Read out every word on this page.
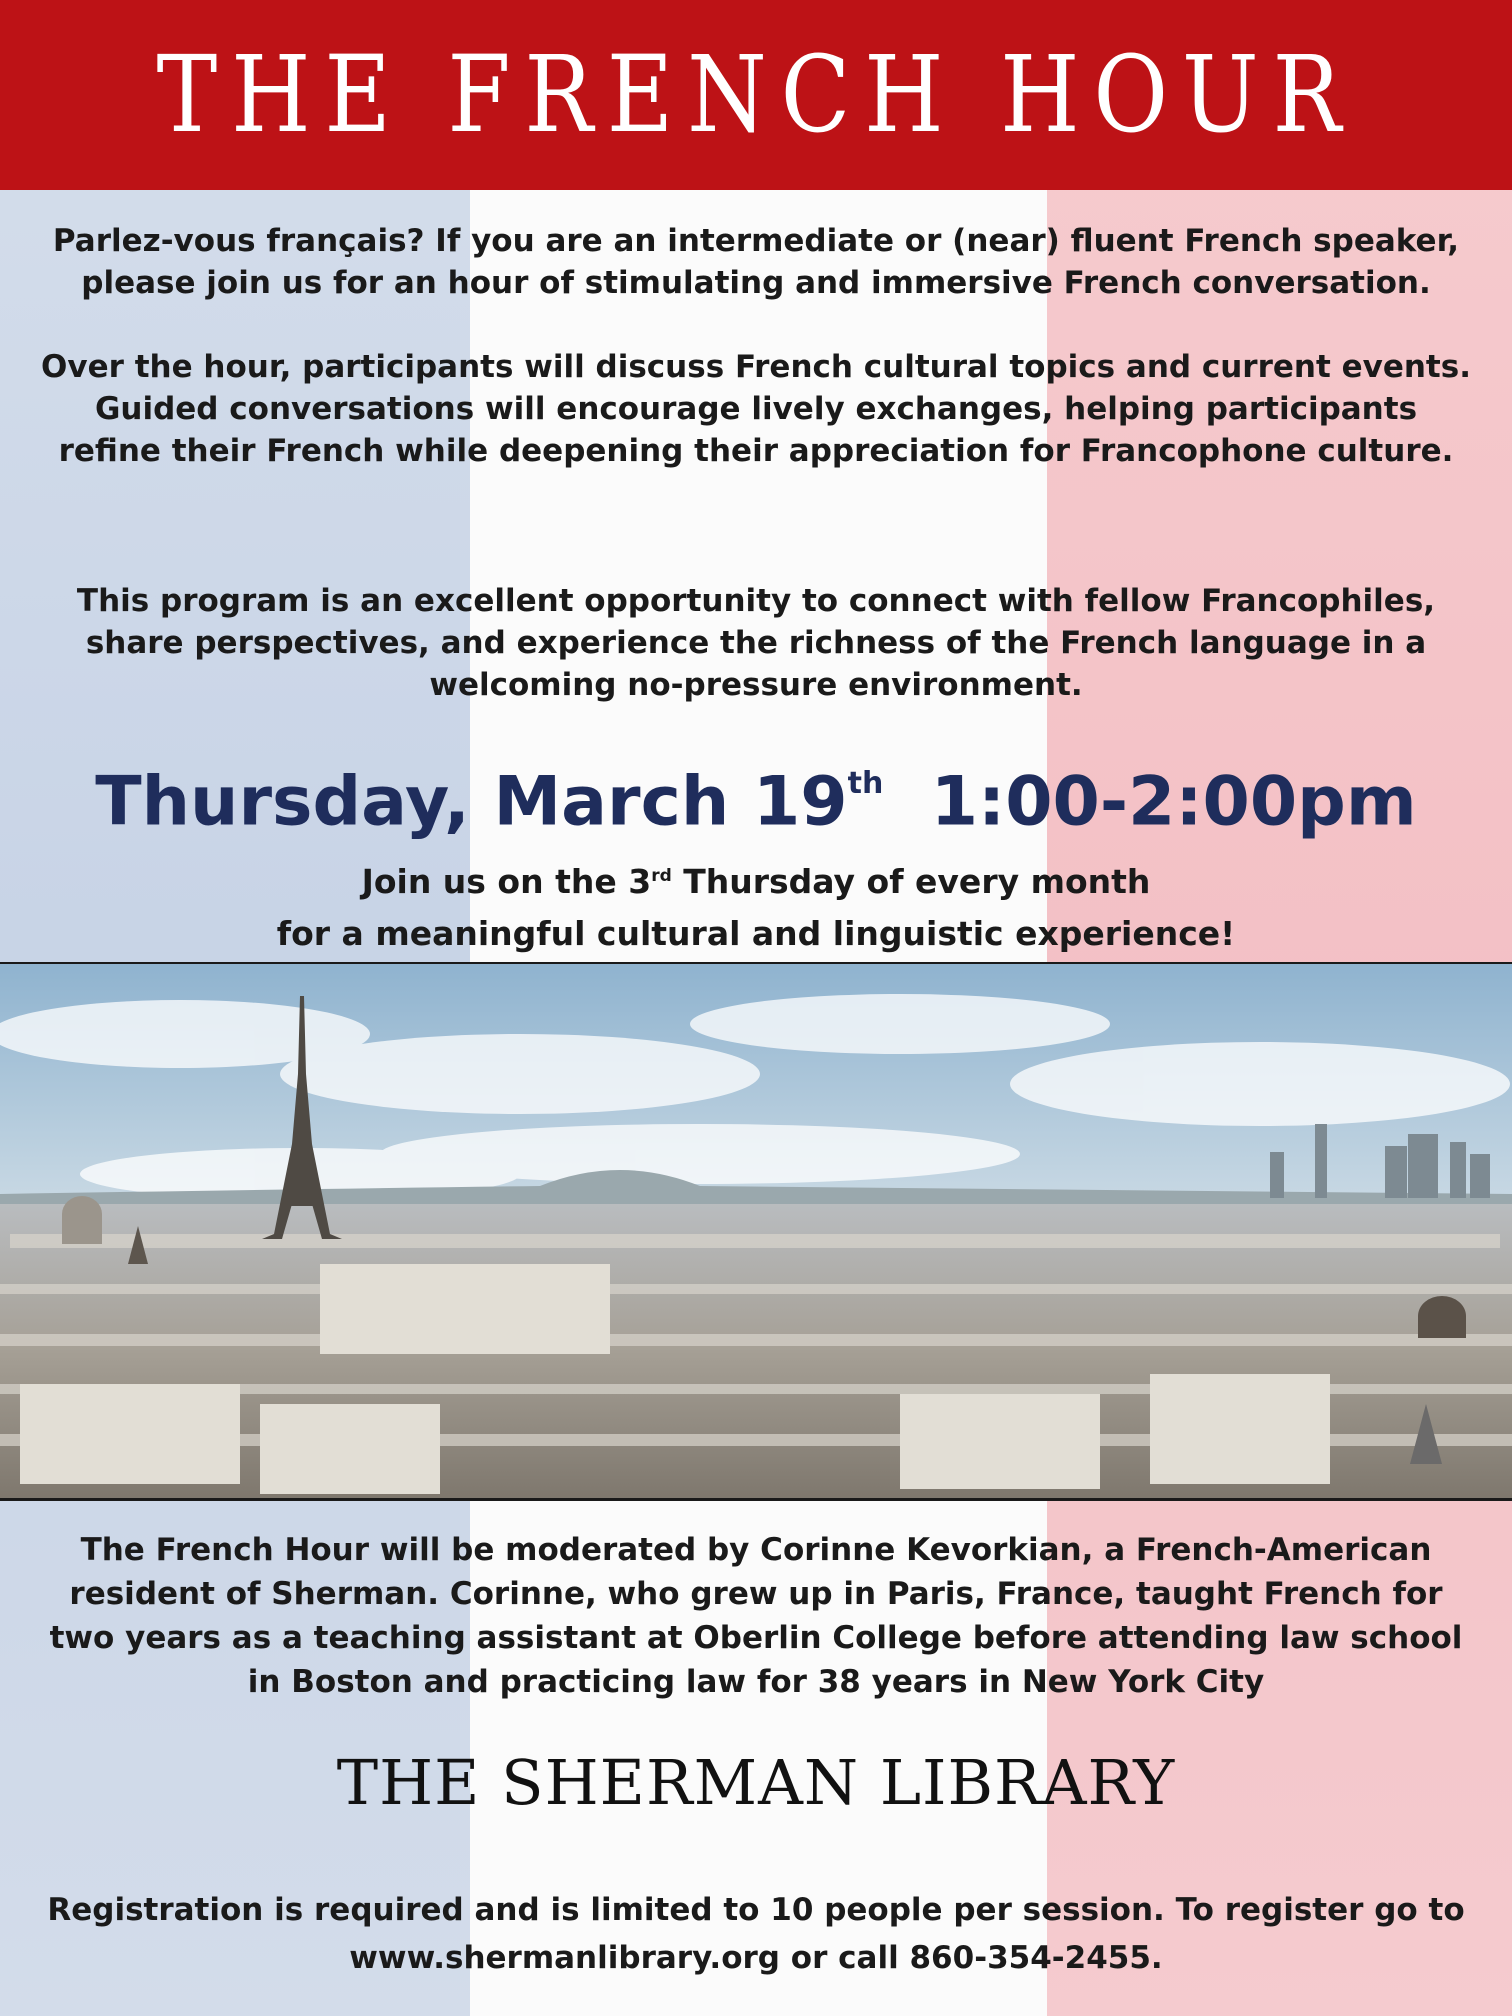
THE FRENCH HOUR

Parlez-vous français? If you are an intermediate or (near) fluent French speaker, please join us for an hour of stimulating and immersive French conversation.

Over the hour, participants will discuss French cultural topics and current events. Guided conversations will encourage lively exchanges, helping participants refine their French while deepening their appreciation for Francophone culture.

This program is an excellent opportunity to connect with fellow Francophiles, share perspectives, and experience the richness of the French language in a welcoming no-pressure environment.

Thursday, March 19th 1:00-2:00pm
Join us on the 3rd Thursday of every month
for a meaningful cultural and linguistic experience!

The French Hour will be moderated by Corinne Kevorkian, a French-American resident of Sherman. Corinne, who grew up in Paris, France, taught French for two years as a teaching assistant at Oberlin College before attending law school in Boston and practicing law for 38 years in New York City

THE SHERMAN LIBRARY

Registration is required and is limited to 10 people per session. To register go to www.shermanlibrary.org or call 860-354-2455.
